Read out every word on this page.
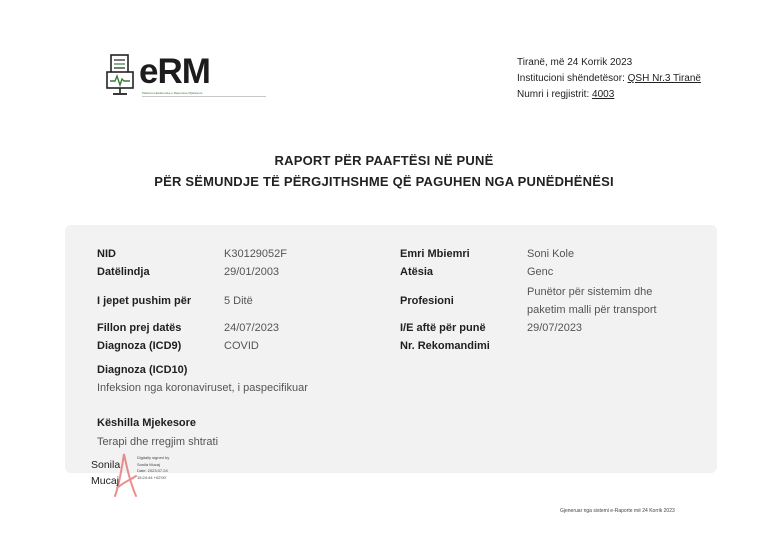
eRM
Platforma Elektronike e Raporteve Mjekësore
Tiranë, më 24 Korrik 2023
Institucioni shëndetësor: QSH Nr.3 Tiranë
Numri i regjistrit: 4003
RAPORT PËR PAAFTËSI NË PUNË
PËR SËMUNDJE TË PËRGJITHSHME QË PAGUHEN NGA PUNËDHËNËSI
NID	K30129052F
Datëlindja	29/01/2003
I jepet pushim për	5 Ditë
Fillon prej datës	24/07/2023
Diagnoza (ICD9)	COVID
Emri Mbiemri	Soni Kole
Atësia	Genc
Profesioni
Punëtor për sistemim dhe paketim malli për transport
I/E aftë për punë	29/07/2023
Nr. Rekomandimi
Diagnoza (ICD10)
Infeksion nga koronaviruset, i paspecifikuar
Këshilla Mjekesore
Terapi dhe rregjim shtrati
Sonila
Mucaj
Digitally signed by
Sonila Mucaj
Date: 2023.07.24
15:24:44 +02'00'
Gjeneruar nga sistemi e-Raporte më 24 Korrik 2023
